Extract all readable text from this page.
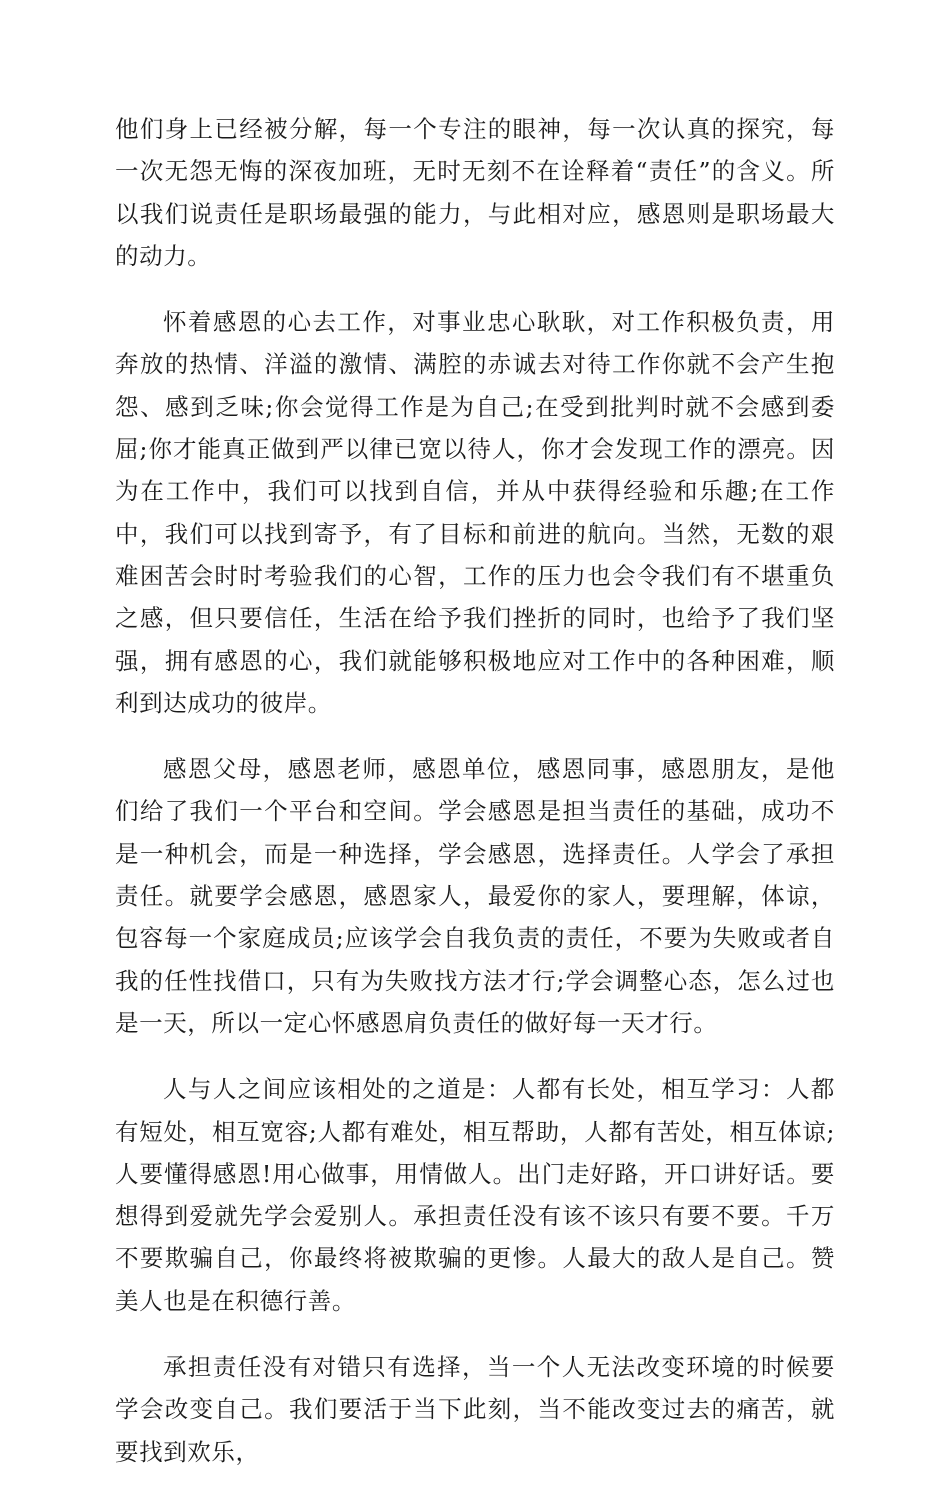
他们身上已经被分解，每一个专注的眼神，每一次认真的探究，每一次无怨无悔的深夜加班，无时无刻不在诠释着“责任”的含义。所以我们说责任是职场最强的能力，与此相对应，感恩则是职场最大的动力。

怀着感恩的心去工作，对事业忠心耿耿，对工作积极负责，用奔放的热情、洋溢的激情、满腔的赤诚去对待工作你就不会产生抱怨、感到乏味;你会觉得工作是为自己;在受到批判时就不会感到委屈;你才能真正做到严以律已宽以待人，你才会发现工作的漂亮。因为在工作中，我们可以找到自信，并从中获得经验和乐趣;在工作中，我们可以找到寄予，有了目标和前进的航向。当然，无数的艰难困苦会时时考验我们的心智，工作的压力也会令我们有不堪重负之感，但只要信任，生活在给予我们挫折的同时，也给予了我们坚强，拥有感恩的心，我们就能够积极地应对工作中的各种困难，顺利到达成功的彼岸。

感恩父母，感恩老师，感恩单位，感恩同事，感恩朋友，是他们给了我们一个平台和空间。学会感恩是担当责任的基础，成功不是一种机会，而是一种选择，学会感恩，选择责任。人学会了承担责任。就要学会感恩，感恩家人，最爱你的家人，要理解，体谅，包容每一个家庭成员;应该学会自我负责的责任，不要为失败或者自我的任性找借口，只有为失败找方法才行;学会调整心态，怎么过也是一天，所以一定心怀感恩肩负责任的做好每一天才行。

人与人之间应该相处的之道是：人都有长处，相互学习：人都有短处，相互宽容;人都有难处，相互帮助，人都有苦处，相互体谅;人要懂得感恩!用心做事，用情做人。出门走好路，开口讲好话。要想得到爱就先学会爱别人。承担责任没有该不该只有要不要。千万不要欺骗自己，你最终将被欺骗的更惨。人最大的敌人是自己。赞美人也是在积德行善。

承担责任没有对错只有选择，当一个人无法改变环境的时候要学会改变自己。我们要活于当下此刻，当不能改变过去的痛苦，就要找到欢乐，
